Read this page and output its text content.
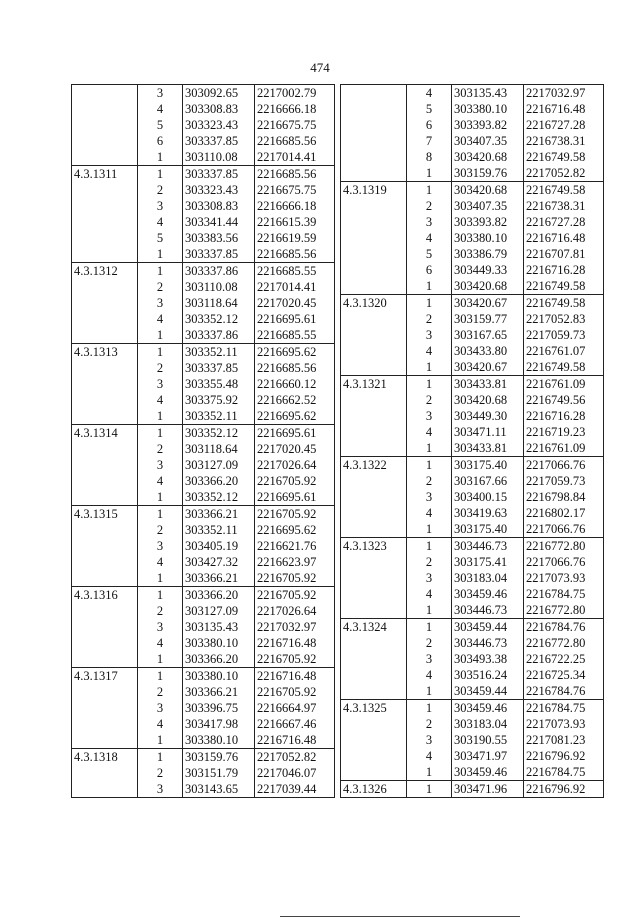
474
	3	303092.65	2217002.79
	4	303308.83	2216666.18
	5	303323.43	2216675.75
	6	303337.85	2216685.56
	1	303110.08	2217014.41
4.3.1311	1	303337.85	2216685.56
	2	303323.43	2216675.75
	3	303308.83	2216666.18
	4	303341.44	2216615.39
	5	303383.56	2216619.59
	1	303337.85	2216685.56
4.3.1312	1	303337.86	2216685.55
	2	303110.08	2217014.41
	3	303118.64	2217020.45
	4	303352.12	2216695.61
	1	303337.86	2216685.55
4.3.1313	1	303352.11	2216695.62
	2	303337.85	2216685.56
	3	303355.48	2216660.12
	4	303375.92	2216662.52
	1	303352.11	2216695.62
4.3.1314	1	303352.12	2216695.61
	2	303118.64	2217020.45
	3	303127.09	2217026.64
	4	303366.20	2216705.92
	1	303352.12	2216695.61
4.3.1315	1	303366.21	2216705.92
	2	303352.11	2216695.62
	3	303405.19	2216621.76
	4	303427.32	2216623.97
	1	303366.21	2216705.92
4.3.1316	1	303366.20	2216705.92
	2	303127.09	2217026.64
	3	303135.43	2217032.97
	4	303380.10	2216716.48
	1	303366.20	2216705.92
4.3.1317	1	303380.10	2216716.48
	2	303366.21	2216705.92
	3	303396.75	2216664.97
	4	303417.98	2216667.46
	1	303380.10	2216716.48
4.3.1318	1	303159.76	2217052.82
	2	303151.79	2217046.07
	3	303143.65	2217039.44
	4	303135.43	2217032.97
	5	303380.10	2216716.48
	6	303393.82	2216727.28
	7	303407.35	2216738.31
	8	303420.68	2216749.58
	1	303159.76	2217052.82
4.3.1319	1	303420.68	2216749.58
	2	303407.35	2216738.31
	3	303393.82	2216727.28
	4	303380.10	2216716.48
	5	303386.79	2216707.81
	6	303449.33	2216716.28
	1	303420.68	2216749.58
4.3.1320	1	303420.67	2216749.58
	2	303159.77	2217052.83
	3	303167.65	2217059.73
	4	303433.80	2216761.07
	1	303420.67	2216749.58
4.3.1321	1	303433.81	2216761.09
	2	303420.68	2216749.56
	3	303449.30	2216716.28
	4	303471.11	2216719.23
	1	303433.81	2216761.09
4.3.1322	1	303175.40	2217066.76
	2	303167.66	2217059.73
	3	303400.15	2216798.84
	4	303419.63	2216802.17
	1	303175.40	2217066.76
4.3.1323	1	303446.73	2216772.80
	2	303175.41	2217066.76
	3	303183.04	2217073.93
	4	303459.46	2216784.75
	1	303446.73	2216772.80
4.3.1324	1	303459.44	2216784.76
	2	303446.73	2216772.80
	3	303493.38	2216722.25
	4	303516.24	2216725.34
	1	303459.44	2216784.76
4.3.1325	1	303459.46	2216784.75
	2	303183.04	2217073.93
	3	303190.55	2217081.23
	4	303471.97	2216796.92
	1	303459.46	2216784.75
4.3.1326	1	303471.96	2216796.92
